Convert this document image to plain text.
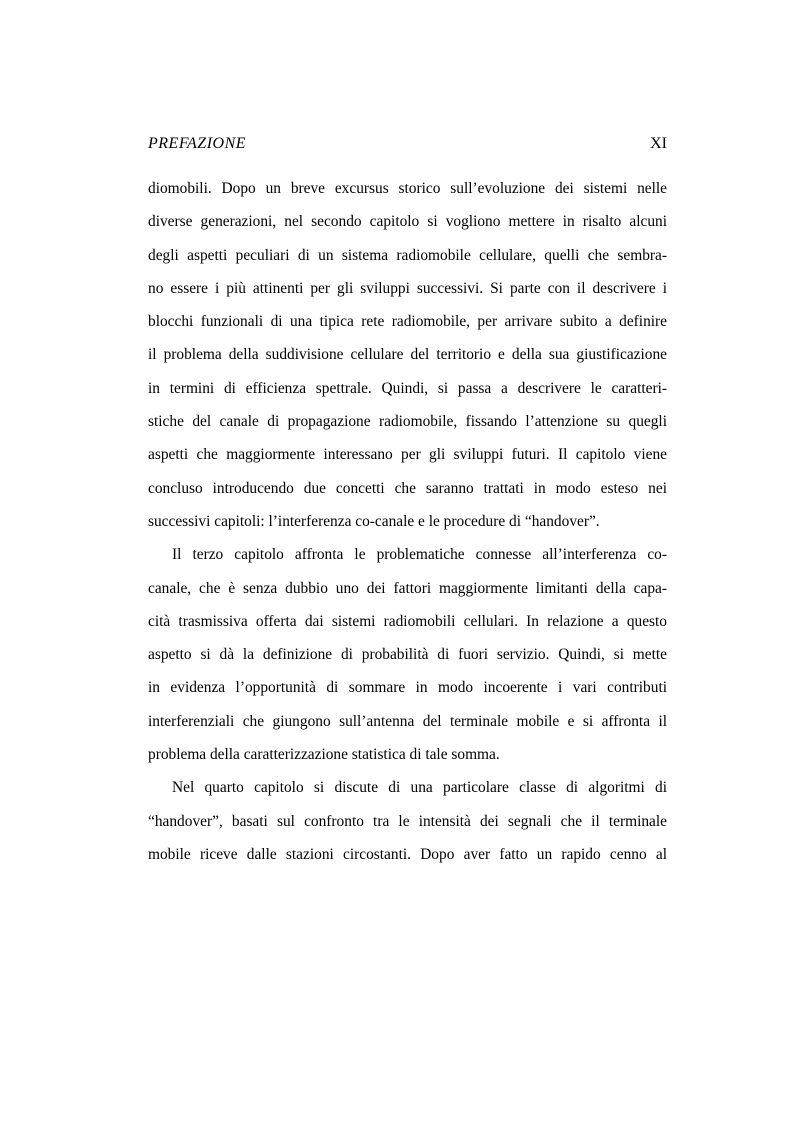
PREFAZIONE	XI
diomobili. Dopo un breve excursus storico sull’evoluzione dei sistemi nelle
diverse generazioni, nel secondo capitolo si vogliono mettere in risalto alcuni
degli aspetti peculiari di un sistema radiomobile cellulare, quelli che sembra-
no essere i più attinenti per gli sviluppi successivi. Si parte con il descrivere i
blocchi funzionali di una tipica rete radiomobile, per arrivare subito a definire
il problema della suddivisione cellulare del territorio e della sua giustificazione
in termini di efficienza spettrale. Quindi, si passa a descrivere le caratteri-
stiche del canale di propagazione radiomobile, fissando l’attenzione su quegli
aspetti che maggiormente interessano per gli sviluppi futuri. Il capitolo viene
concluso introducendo due concetti che saranno trattati in modo esteso nei
successivi capitoli: l’interferenza co-canale e le procedure di “handover”.
Il terzo capitolo affronta le problematiche connesse all’interferenza co-
canale, che è senza dubbio uno dei fattori maggiormente limitanti della capa-
cità trasmissiva offerta dai sistemi radiomobili cellulari. In relazione a questo
aspetto si dà la definizione di probabilità di fuori servizio. Quindi, si mette
in evidenza l’opportunità di sommare in modo incoerente i vari contributi
interferenziali che giungono sull’antenna del terminale mobile e si affronta il
problema della caratterizzazione statistica di tale somma.
Nel quarto capitolo si discute di una particolare classe di algoritmi di
“handover”, basati sul confronto tra le intensità dei segnali che il terminale
mobile riceve dalle stazioni circostanti. Dopo aver fatto un rapido cenno al
